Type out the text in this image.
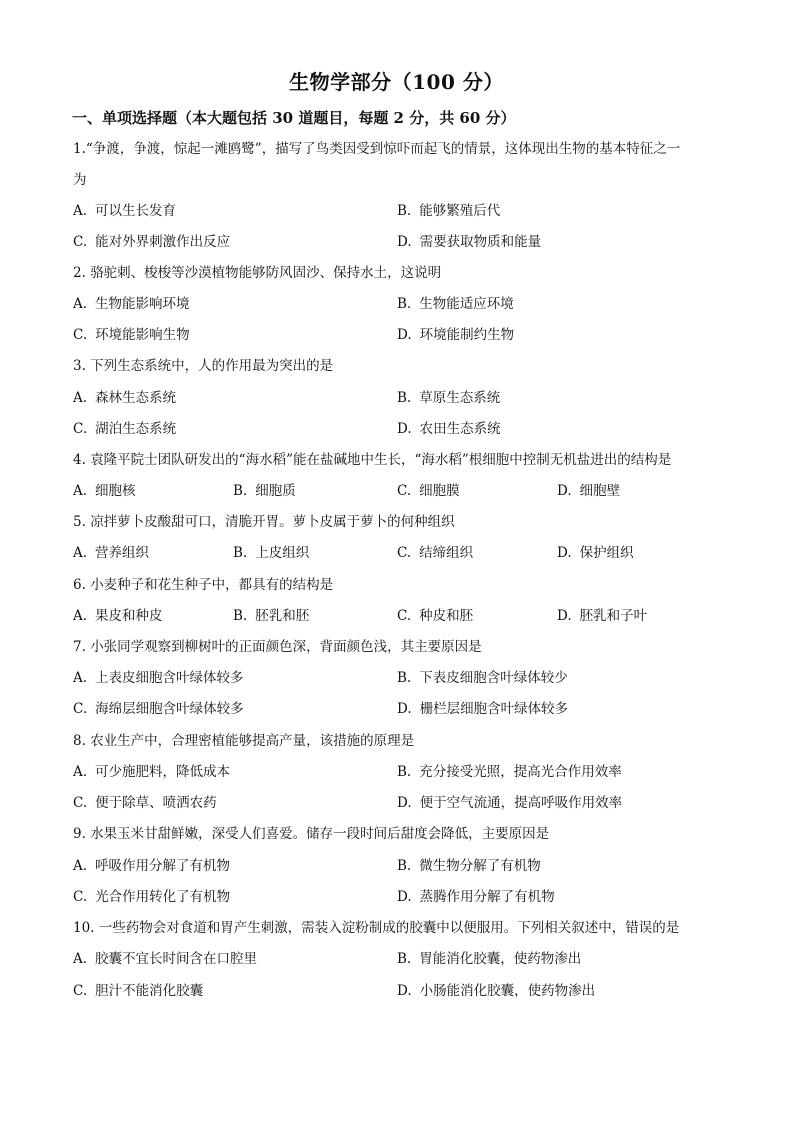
生物学部分（100 分）
一、单项选择题（本大题包括 30 道题目，每题 2 分，共 60 分）
1.“争渡，争渡，惊起一滩鸥鹭”，描写了鸟类因受到惊吓而起飞的情景，这体现出生物的基本特征之一
为
A. 可以生长发育	B. 能够繁殖后代
C. 能对外界刺激作出反应	D. 需要获取物质和能量
2. 骆驼刺、梭梭等沙漠植物能够防风固沙、保持水土，这说明
A. 生物能影响环境	B. 生物能适应环境
C. 环境能影响生物	D. 环境能制约生物
3. 下列生态系统中，人的作用最为突出的是
A. 森林生态系统	B. 草原生态系统
C. 湖泊生态系统	D. 农田生态系统
4. 袁隆平院士团队研发出的“海水稻”能在盐碱地中生长，“海水稻”根细胞中控制无机盐进出的结构是
A. 细胞核	B. 细胞质	C. 细胞膜	D. 细胞壁
5. 凉拌萝卜皮酸甜可口，清脆开胃。萝卜皮属于萝卜的何种组织
A. 营养组织	B. 上皮组织	C. 结缔组织	D. 保护组织
6. 小麦种子和花生种子中，都具有的结构是
A. 果皮和种皮	B. 胚乳和胚	C. 种皮和胚	D. 胚乳和子叶
7. 小张同学观察到柳树叶的正面颜色深，背面颜色浅，其主要原因是
A. 上表皮细胞含叶绿体较多	B. 下表皮细胞含叶绿体较少
C. 海绵层细胞含叶绿体较多	D. 栅栏层细胞含叶绿体较多
8. 农业生产中，合理密植能够提高产量，该措施的原理是
A. 可少施肥料，降低成本	B. 充分接受光照，提高光合作用效率
C. 便于除草、喷洒农药	D. 便于空气流通，提高呼吸作用效率
9. 水果玉米甘甜鲜嫩，深受人们喜爱。储存一段时间后甜度会降低，主要原因是
A. 呼吸作用分解了有机物	B. 微生物分解了有机物
C. 光合作用转化了有机物	D. 蒸腾作用分解了有机物
10. 一些药物会对食道和胃产生刺激，需装入淀粉制成的胶囊中以便服用。下列相关叙述中，错误的是
A. 胶囊不宜长时间含在口腔里	B. 胃能消化胶囊，使药物渗出
C. 胆汁不能消化胶囊	D. 小肠能消化胶囊，使药物渗出
